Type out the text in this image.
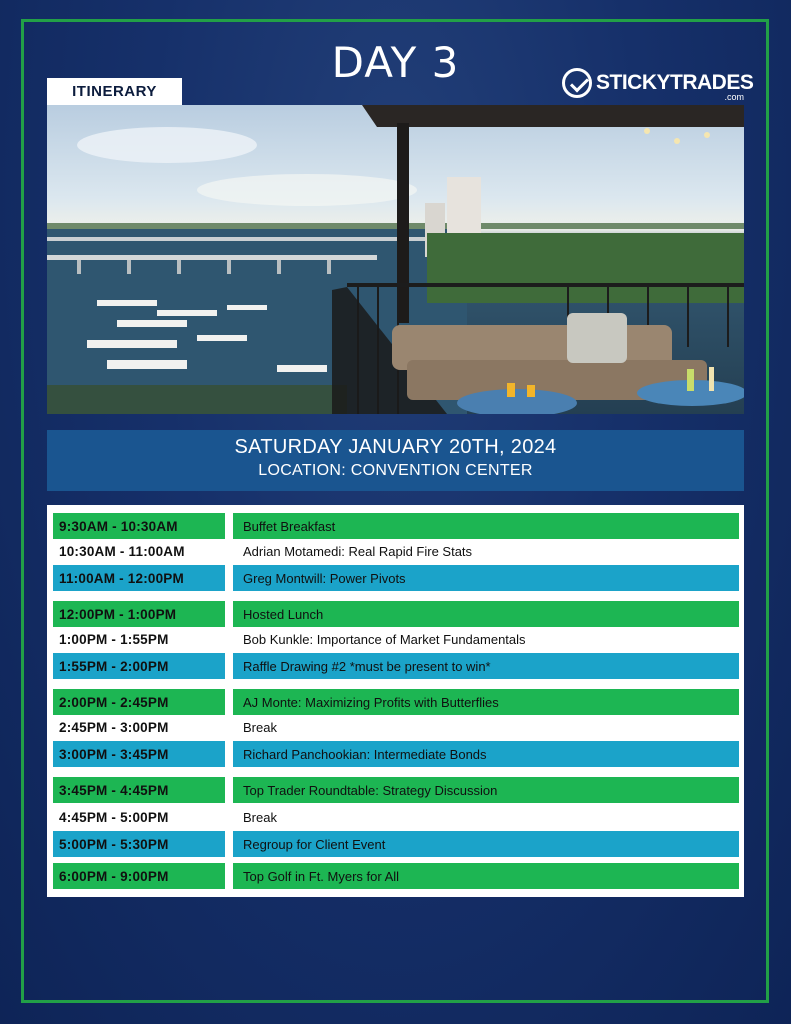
DAY 3
ITINERARY	STICKYTRADES
.com
SATURDAY JANUARY 20TH, 2024
LOCATION: CONVENTION CENTER
9:30AM - 10:30AM	Buffet Breakfast
10:30AM - 11:00AM	Adrian Motamedi: Real Rapid Fire Stats
11:00AM - 12:00PM	Greg Montwill: Power Pivots
12:00PM - 1:00PM	Hosted Lunch
1:00PM - 1:55PM	Bob Kunkle: Importance of Market Fundamentals
1:55PM - 2:00PM	Raffle Drawing #2 *must be present to win*
2:00PM - 2:45PM	AJ Monte: Maximizing Profits with Butterflies
2:45PM - 3:00PM	Break
3:00PM - 3:45PM	Richard Panchookian: Intermediate Bonds
3:45PM - 4:45PM	Top Trader Roundtable: Strategy Discussion
4:45PM - 5:00PM	Break
5:00PM - 5:30PM	Regroup for Client Event
6:00PM - 9:00PM	Top Golf in Ft. Myers for All
